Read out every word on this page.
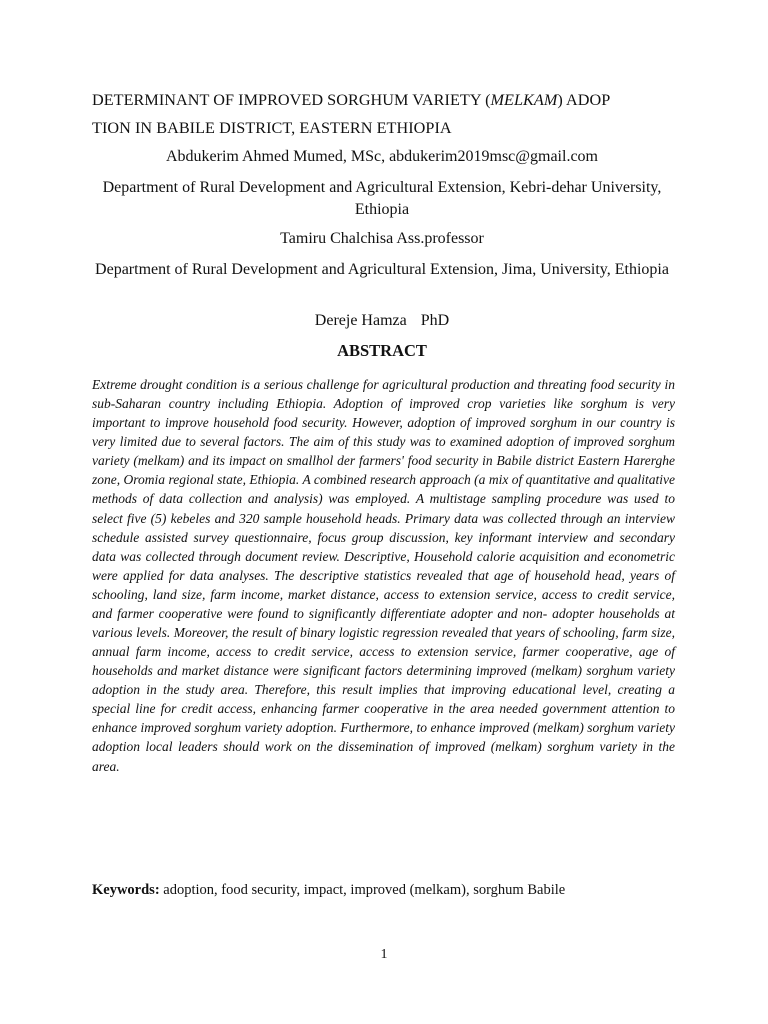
DETERMINANT OF IMPROVED SORGHUM VARIETY (MELKAM) ADOP
TION IN BABILE DISTRICT, EASTERN ETHIOPIA
Abdukerim Ahmed Mumed, MSc, abdukerim2019msc@gmail.com
Department of Rural Development and Agricultural Extension, Kebri-dehar University, Ethiopia
Tamiru Chalchisa Ass.professor
Department of Rural Development and Agricultural Extension, Jima, University, Ethiopia
Dereje Hamza PhD
ABSTRACT
Extreme drought condition is a serious challenge for agricultural production and threating food security in sub-Saharan country including Ethiopia. Adoption of improved crop varieties like sorghum is very important to improve household food security. However, adoption of improved sorghum in our country is very limited due to several factors. The aim of this study was to examined adoption of improved sorghum variety (melkam) and its impact on smallhol der farmers' food security in Babile district Eastern Harerghe zone, Oromia regional state, Ethiopia. A combined research approach (a mix of quantitative and qualitative methods of data collection and analysis) was employed. A multistage sampling procedure was used to select five (5) kebeles and 320 sample household heads. Primary data was collected through an interview schedule assisted survey questionnaire, focus group discussion, key informant interview and secondary data was collected through document review. Descriptive, Household calorie acquisition and econometric were applied for data analyses. The descriptive statistics revealed that age of household head, years of schooling, land size, farm income, market distance, access to extension service, access to credit service, and farmer cooperative were found to significantly differentiate adopter and non- adopter households at various levels. Moreover, the result of binary logistic regression revealed that years of schooling, farm size, annual farm income, access to credit service, access to extension service, farmer cooperative, age of households and market distance were significant factors determining improved (melkam) sorghum variety adoption in the study area. Therefore, this result implies that improving educational level, creating a special line for credit access, enhancing farmer cooperative in the area needed government attention to enhance improved sorghum variety adoption. Furthermore, to enhance improved (melkam) sorghum variety adoption local leaders should work on the dissemination of improved (melkam) sorghum variety in the area.
Keywords: adoption, food security, impact, improved (melkam), sorghum Babile
1
